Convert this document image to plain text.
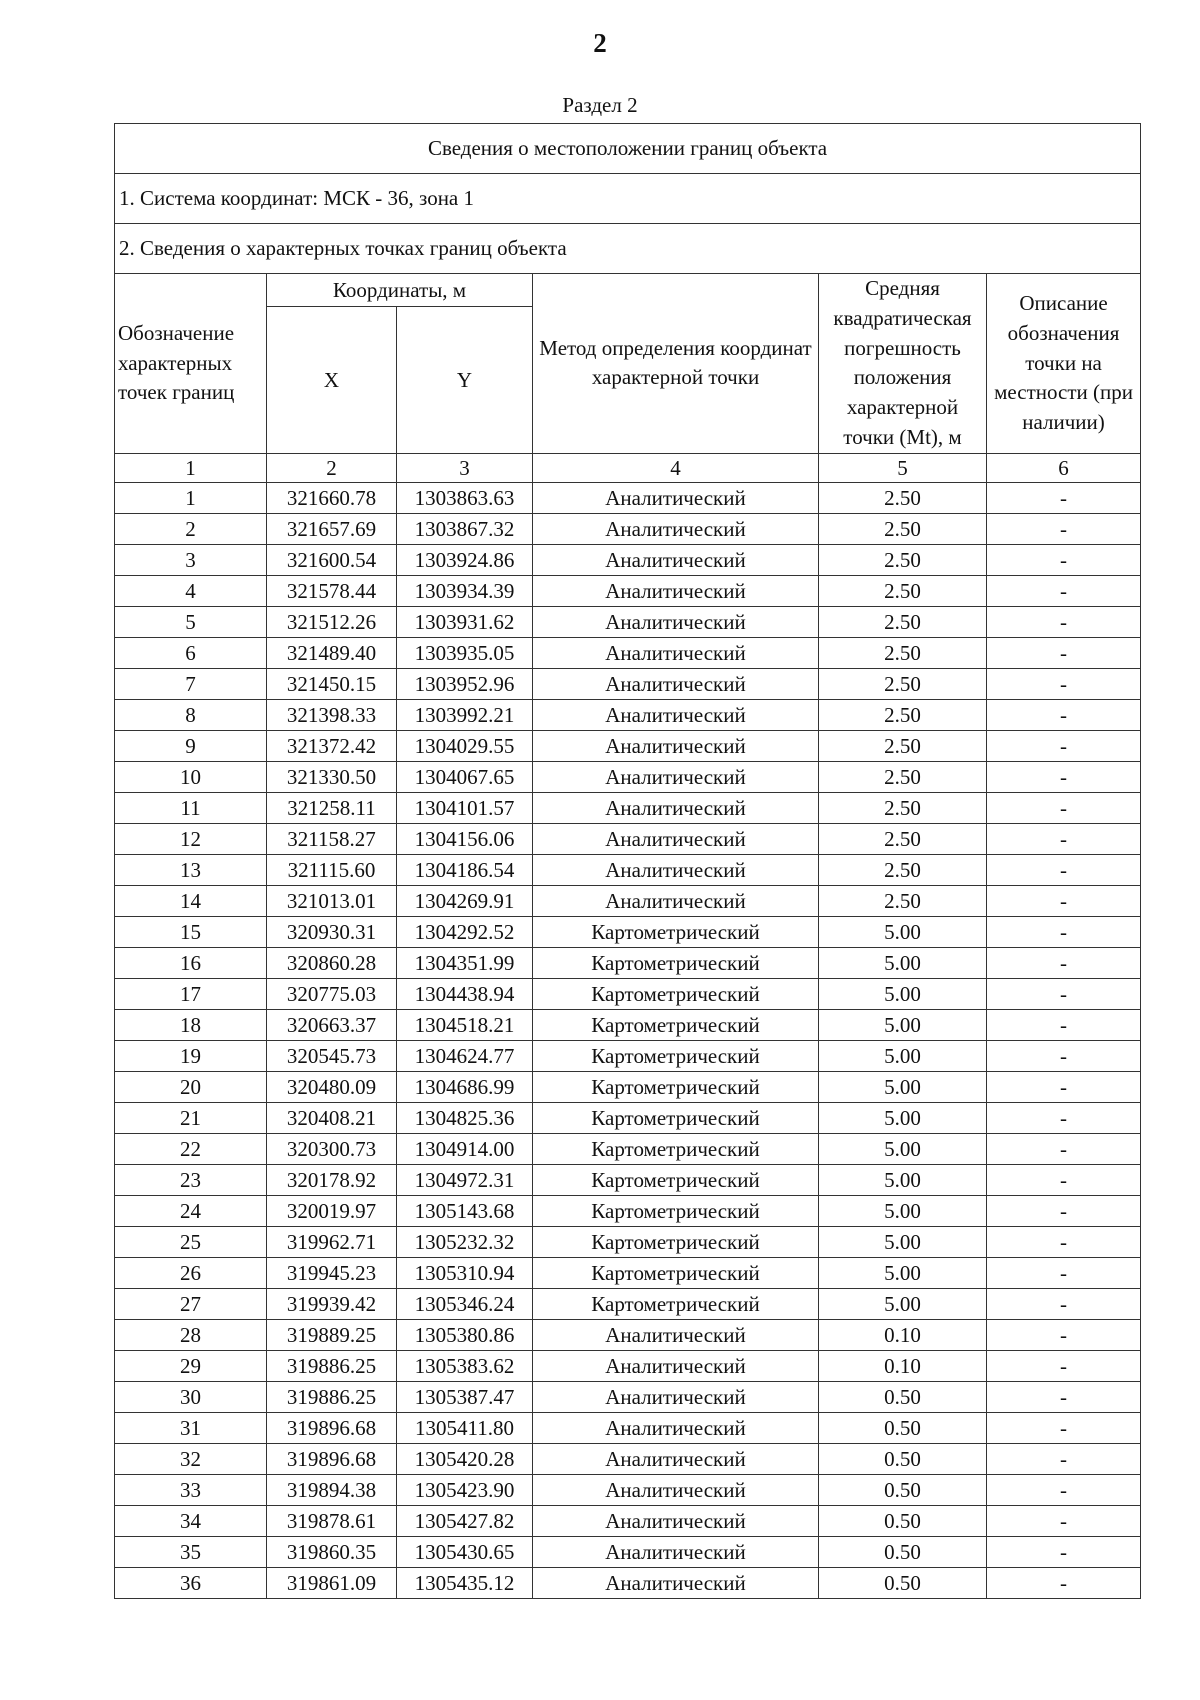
2
Раздел 2
Сведения о местоположении границ объекта					
1. Система координат: МСК - 36, зона 1					
2. Сведения о характерных точках границ объекта					
Обозначение характерных точек границ	Координаты, м		Метод определения координат характерной точки	Средняя квадратическая погрешность положения характерной точки (Mt), м	Описание обозначения точки на местности (при наличии)
	X	Y			
1	2	3	4	5	6
1	321660.78	1303863.63	Аналитический	2.50	-
2	321657.69	1303867.32	Аналитический	2.50	-
3	321600.54	1303924.86	Аналитический	2.50	-
4	321578.44	1303934.39	Аналитический	2.50	-
5	321512.26	1303931.62	Аналитический	2.50	-
6	321489.40	1303935.05	Аналитический	2.50	-
7	321450.15	1303952.96	Аналитический	2.50	-
8	321398.33	1303992.21	Аналитический	2.50	-
9	321372.42	1304029.55	Аналитический	2.50	-
10	321330.50	1304067.65	Аналитический	2.50	-
11	321258.11	1304101.57	Аналитический	2.50	-
12	321158.27	1304156.06	Аналитический	2.50	-
13	321115.60	1304186.54	Аналитический	2.50	-
14	321013.01	1304269.91	Аналитический	2.50	-
15	320930.31	1304292.52	Картометрический	5.00	-
16	320860.28	1304351.99	Картометрический	5.00	-
17	320775.03	1304438.94	Картометрический	5.00	-
18	320663.37	1304518.21	Картометрический	5.00	-
19	320545.73	1304624.77	Картометрический	5.00	-
20	320480.09	1304686.99	Картометрический	5.00	-
21	320408.21	1304825.36	Картометрический	5.00	-
22	320300.73	1304914.00	Картометрический	5.00	-
23	320178.92	1304972.31	Картометрический	5.00	-
24	320019.97	1305143.68	Картометрический	5.00	-
25	319962.71	1305232.32	Картометрический	5.00	-
26	319945.23	1305310.94	Картометрический	5.00	-
27	319939.42	1305346.24	Картометрический	5.00	-
28	319889.25	1305380.86	Аналитический	0.10	-
29	319886.25	1305383.62	Аналитический	0.10	-
30	319886.25	1305387.47	Аналитический	0.50	-
31	319896.68	1305411.80	Аналитический	0.50	-
32	319896.68	1305420.28	Аналитический	0.50	-
33	319894.38	1305423.90	Аналитический	0.50	-
34	319878.61	1305427.82	Аналитический	0.50	-
35	319860.35	1305430.65	Аналитический	0.50	-
36	319861.09	1305435.12	Аналитический	0.50	-
